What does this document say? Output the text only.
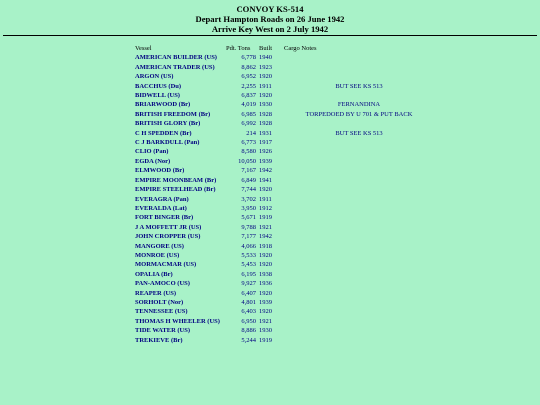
CONVOY KS-514

Depart Hampton Roads on 26 June 1942

Arrive Key West on 2 July 1942

Vessel	Pdt. Tons	Built	Cargo Notes
AMERICAN BUILDER (US)	6,778	1940	
AMERICAN TRADER (US)	8,862	1923	
ARGON (US)	6,952	1920	
BACCHUS (Du)	2,255	1911	BUT SEE KS 513
BIDWELL (US)	6,837	1920	
BRIARWOOD (Br)	4,019	1930	FERNANDINA
BRITISH FREEDOM (Br)	6,985	1928	TORPEDOED BY U 701 & PUT BACK
BRITISH GLORY (Br)	6,992	1928	
C H SPEDDEN (Br)	214	1931	BUT SEE KS 513
C J BARKDULL (Pan)	6,773	1917	
CLIO (Pan)	8,580	1926	
EGDA (Nor)	10,050	1939	
ELMWOOD (Br)	7,167	1942	
EMPIRE MOONBEAM (Br)	6,849	1941	
EMPIRE STEELHEAD (Br)	7,744	1920	
EVERAGRA (Pan)	3,702	1911	
EVERALDA (Lat)	3,950	1912	
FORT BINGER (Br)	5,671	1919	
J A MOFFETT JR (US)	9,788	1921	
JOHN CROPPER (US)	7,177	1942	
MANGORE (US)	4,066	1918	
MONROE (US)	5,533	1920	
MORMACMAR (US)	5,453	1920	
OPALIA (Br)	6,195	1938	
PAN-AMOCO (US)	9,927	1936	
REAPER (US)	6,407	1920	
SORHOLT (Nor)	4,801	1939	
TENNESSEE (US)	6,403	1920	
THOMAS H WHEELER (US)	6,950	1921	
TIDE WATER (US)	8,886	1930	
TREKIEVE (Br)	5,244	1919	
